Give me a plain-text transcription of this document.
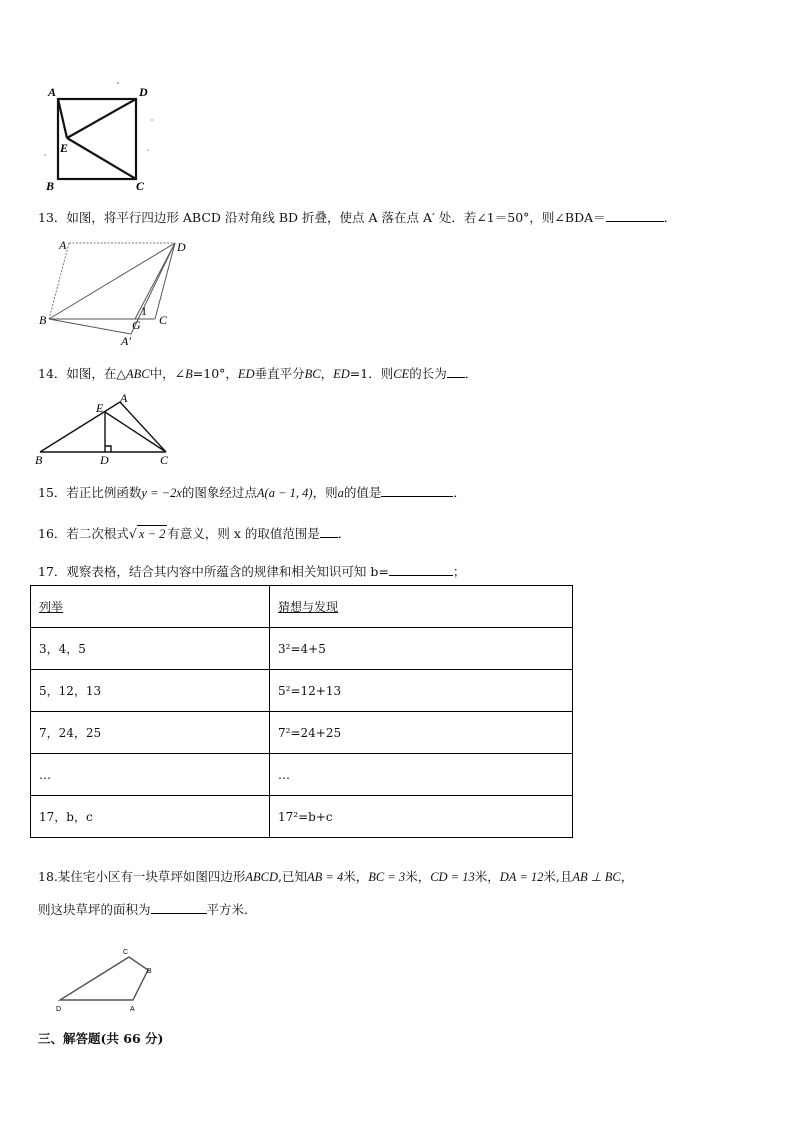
A	D
E
B	C
13．如图，将平行四边形 ABCD 沿对角线 BD 折叠，使点 A 落在点 A′ 处．若∠1＝50°，则∠BDA＝	．
A	D
B	C
G
1
A′
14．如图，在△ABC中，∠B=10°，ED垂直平分BC，ED=1．则CE的长为 ．
E
A
B	D	C
15．若正比例函数y = −2x的图象经过点A(a − 1, 4)，则a的值是	．
16．若二次根式√ x − 2 有意义，则 x 的取值范围是 ．
17．观察表格，结合其内容中所蕴含的规律和相关知识可知 b=	；
列举	猜想与发现
3，4，5	3²=4+5
5，12，13	5²=12+13
7，24，25	7²=24+25
…	…
17，b，c	17²=b+c
18.某住宅小区有一块草坪如图四边形ABCD,已知AB = 4米，BC = 3米，CD = 13米，DA = 12米,且AB ⊥ BC，
则这块草坪的面积为	平方米．
C
B
D	A
三、解答题(共 66 分)
